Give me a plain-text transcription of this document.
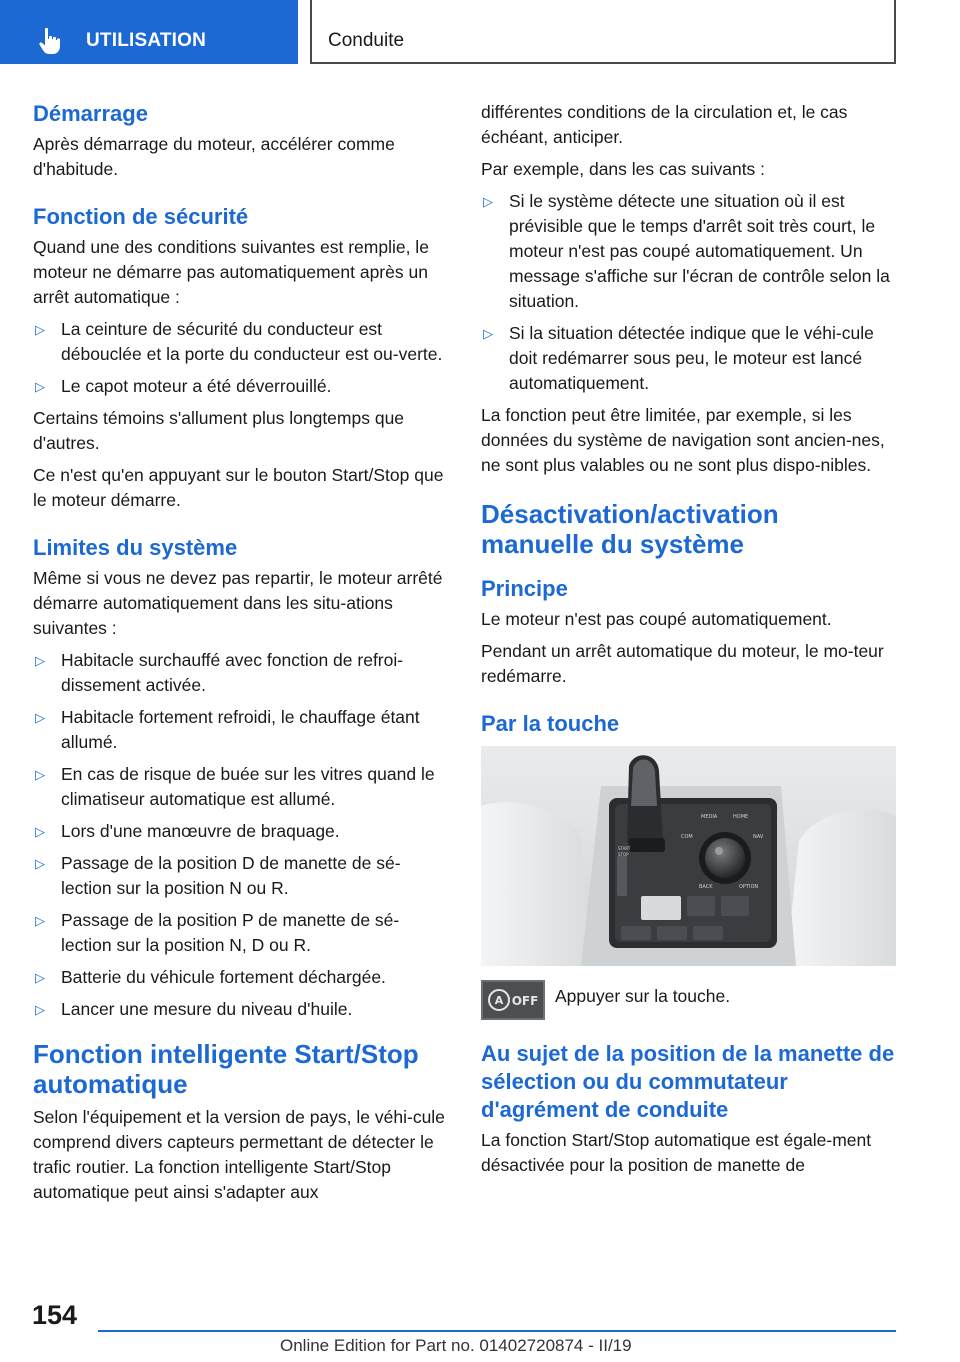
UTILISATION	Conduite
Démarrage

Après démarrage du moteur, accélérer comme d'habitude.

Fonction de sécurité

Quand une des conditions suivantes est remplie, le moteur ne démarre pas automatiquement après un arrêt automatique :

▷ La ceinture de sécurité du conducteur est débouclée et la porte du conducteur est ou-verte.
▷ Le capot moteur a été déverrouillé.

Certains témoins s'allument plus longtemps que d'autres.

Ce n'est qu'en appuyant sur le bouton Start/Stop que le moteur démarre.

Limites du système

Même si vous ne devez pas repartir, le moteur arrêté démarre automatiquement dans les situ-ations suivantes :

▷ Habitacle surchauffé avec fonction de refroi-dissement activée.
▷ Habitacle fortement refroidi, le chauffage étant allumé.
▷ En cas de risque de buée sur les vitres quand le climatiseur automatique est allumé.
▷ Lors d'une manœuvre de braquage.
▷ Passage de la position D de manette de sé-lection sur la position N ou R.
▷ Passage de la position P de manette de sé-lection sur la position N, D ou R.
▷ Batterie du véhicule fortement déchargée.
▷ Lancer une mesure du niveau d'huile.
Fonction intelligente Start/Stop automatique

Selon l'équipement et la version de pays, le véhi-cule comprend divers capteurs permettant de détecter le trafic routier. La fonction intelligente Start/Stop automatique peut ainsi s'adapter aux

différentes conditions de la circulation et, le cas échéant, anticiper.

Par exemple, dans les cas suivants :

▷ Si le système détecte une situation où il est prévisible que le temps d'arrêt soit très court, le moteur n'est pas coupé automatiquement. Un message s'affiche sur l'écran de contrôle selon la situation.
▷ Si la situation détectée indique que le véhi-cule doit redémarrer sous peu, le moteur est lancé automatiquement.

La fonction peut être limitée, par exemple, si les données du système de navigation sont ancien-nes, ne sont plus valables ou ne sont plus dispo-nibles.

Désactivation/activation manuelle du système
Principe

Le moteur n'est pas coupé automatiquement.

Pendant un arrêt automatique du moteur, le mo-teur redémarre.

Par la touche
MEDIA	HOME
COM	NAV
BACK	OPTION
START
STOP
A OFF Appuyer sur la touche.

Au sujet de la position de la manette de sélection ou du commutateur d'agrément de conduite

La fonction Start/Stop automatique est égale-ment désactivée pour la position de manette de

154
Online Edition for Part no. 01402720874 - II/19
